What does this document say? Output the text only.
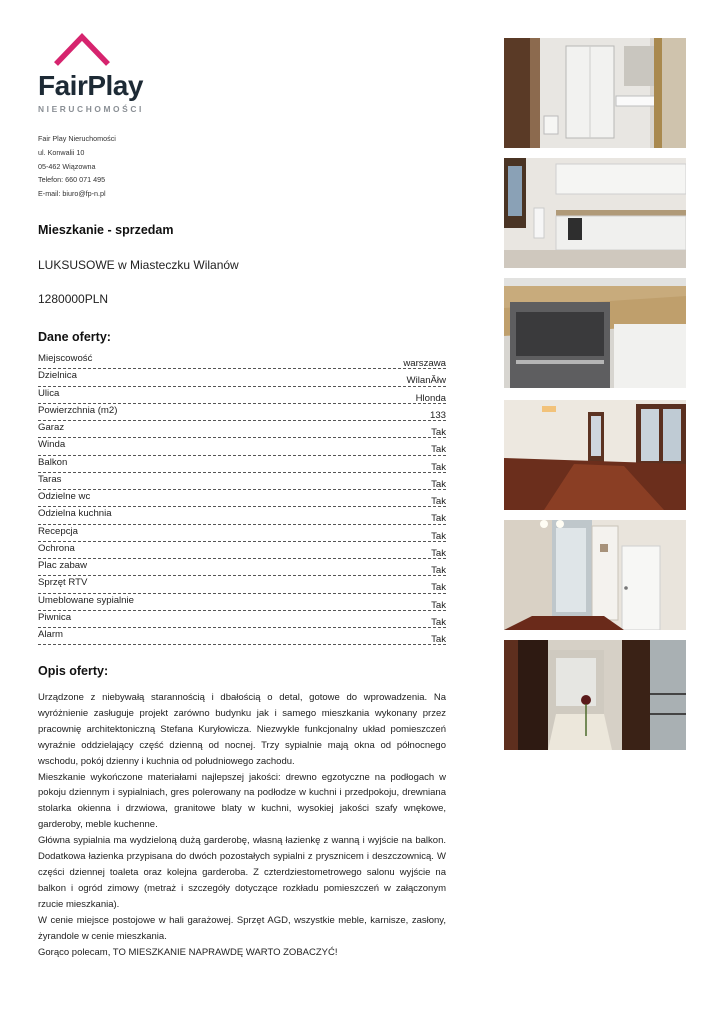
FairPlay
NIERUCHOMOŚCI
Fair Play Nieruchomości
ul. Konwalii 10
05-462 Wiązowna
Telefon: 660 071 495
E-mail: biuro@fp-n.pl
Mieszkanie - sprzedam
LUKSUSOWE w Miasteczku Wilanów
1280000PLN
Dane oferty:
Miejscowość	warszawa
Dzielnica	WilanĂłw
Ulica	Hlonda
Powierzchnia (m2)	133
Garaz	Tak
Winda	Tak
Balkon	Tak
Taras	Tak
Odzielne wc	Tak
Odzielna kuchnia	Tak
Recepcja	Tak
Ochrona	Tak
Plac zabaw	Tak
Sprzęt RTV	Tak
Umeblowane sypialnie	Tak
Piwnica	Tak
Alarm	Tak
Opis oferty:

Urządzone z niebywałą starannością i dbałością o detal, gotowe do wprowadzenia. Na wyróżnienie zasługuje projekt zarówno budynku jak i samego mieszkania wykonany przez pracownię architektoniczną Stefana Kuryłowicza. Niezwykle funkcjonalny układ pomieszczeń wyraźnie oddzielający część dzienną od nocnej. Trzy sypialnie mają okna od północnego wschodu, pokój dzienny i kuchnia od południowego zachodu.

Mieszkanie wykończone materiałami najlepszej jakości: drewno egzotyczne na podłogach w pokoju dziennym i sypialniach, gres polerowany na podłodze w kuchni i przedpokoju, drewniana stolarka okienna i drzwiowa, granitowe blaty w kuchni, wysokiej jakości szafy wnękowe, garderoby, meble kuchenne.

Główna sypialnia ma wydzieloną dużą garderobę, własną łazienkę z wanną i wyjście na balkon. Dodatkowa łazienka przypisana do dwóch pozostałych sypialni z prysznicem i deszczownicą. W części dziennej toaleta oraz kolejna garderoba. Z czterdziestometrowego salonu wyjście na balkon i ogród zimowy (metraż i szczegóły dotyczące rozkładu pomieszczeń w załączonym rzucie mieszkania).

W cenie miejsce postojowe w hali garażowej. Sprzęt AGD, wszystkie meble, karnisze, zasłony, żyrandole w cenie mieszkania.

Gorąco polecam, TO MIESZKANIE NAPRAWDĘ WARTO ZOBACZYĆ!
